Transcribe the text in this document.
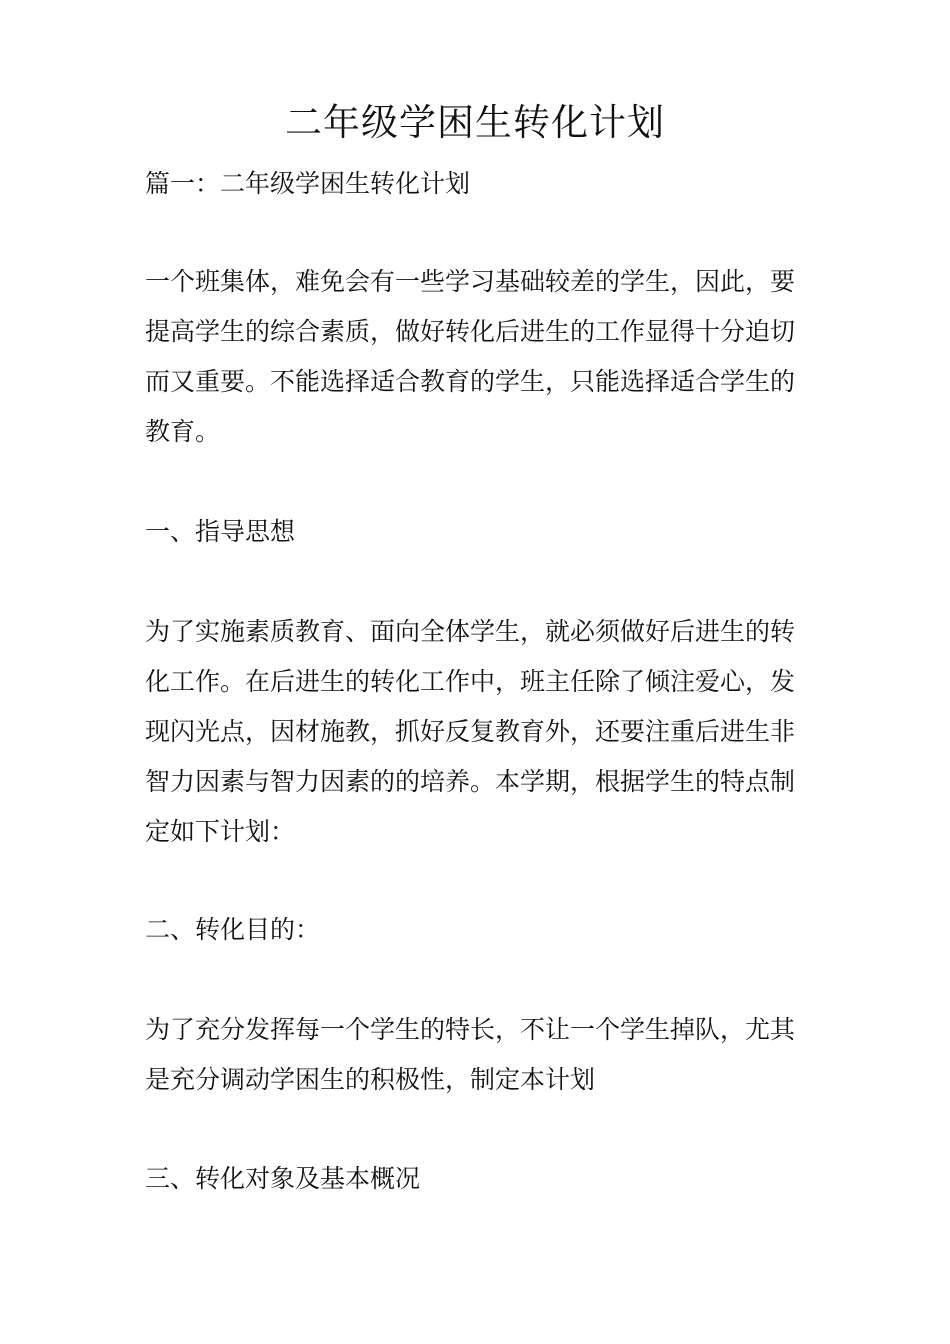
二年级学困生转化计划
篇一：二年级学困生转化计划
一个班集体，难免会有一些学习基础较差的学生，因此，要
提高学生的综合素质，做好转化后进生的工作显得十分迫切
而又重要。不能选择适合教育的学生，只能选择适合学生的
教育。
一、指导思想
为了实施素质教育、面向全体学生，就必须做好后进生的转
化工作。在后进生的转化工作中，班主任除了倾注爱心，发
现闪光点，因材施教，抓好反复教育外，还要注重后进生非
智力因素与智力因素的的培养。本学期，根据学生的特点制
定如下计划：
二、转化目的：
为了充分发挥每一个学生的特长，不让一个学生掉队，尤其
是充分调动学困生的积极性，制定本计划
三、转化对象及基本概况
